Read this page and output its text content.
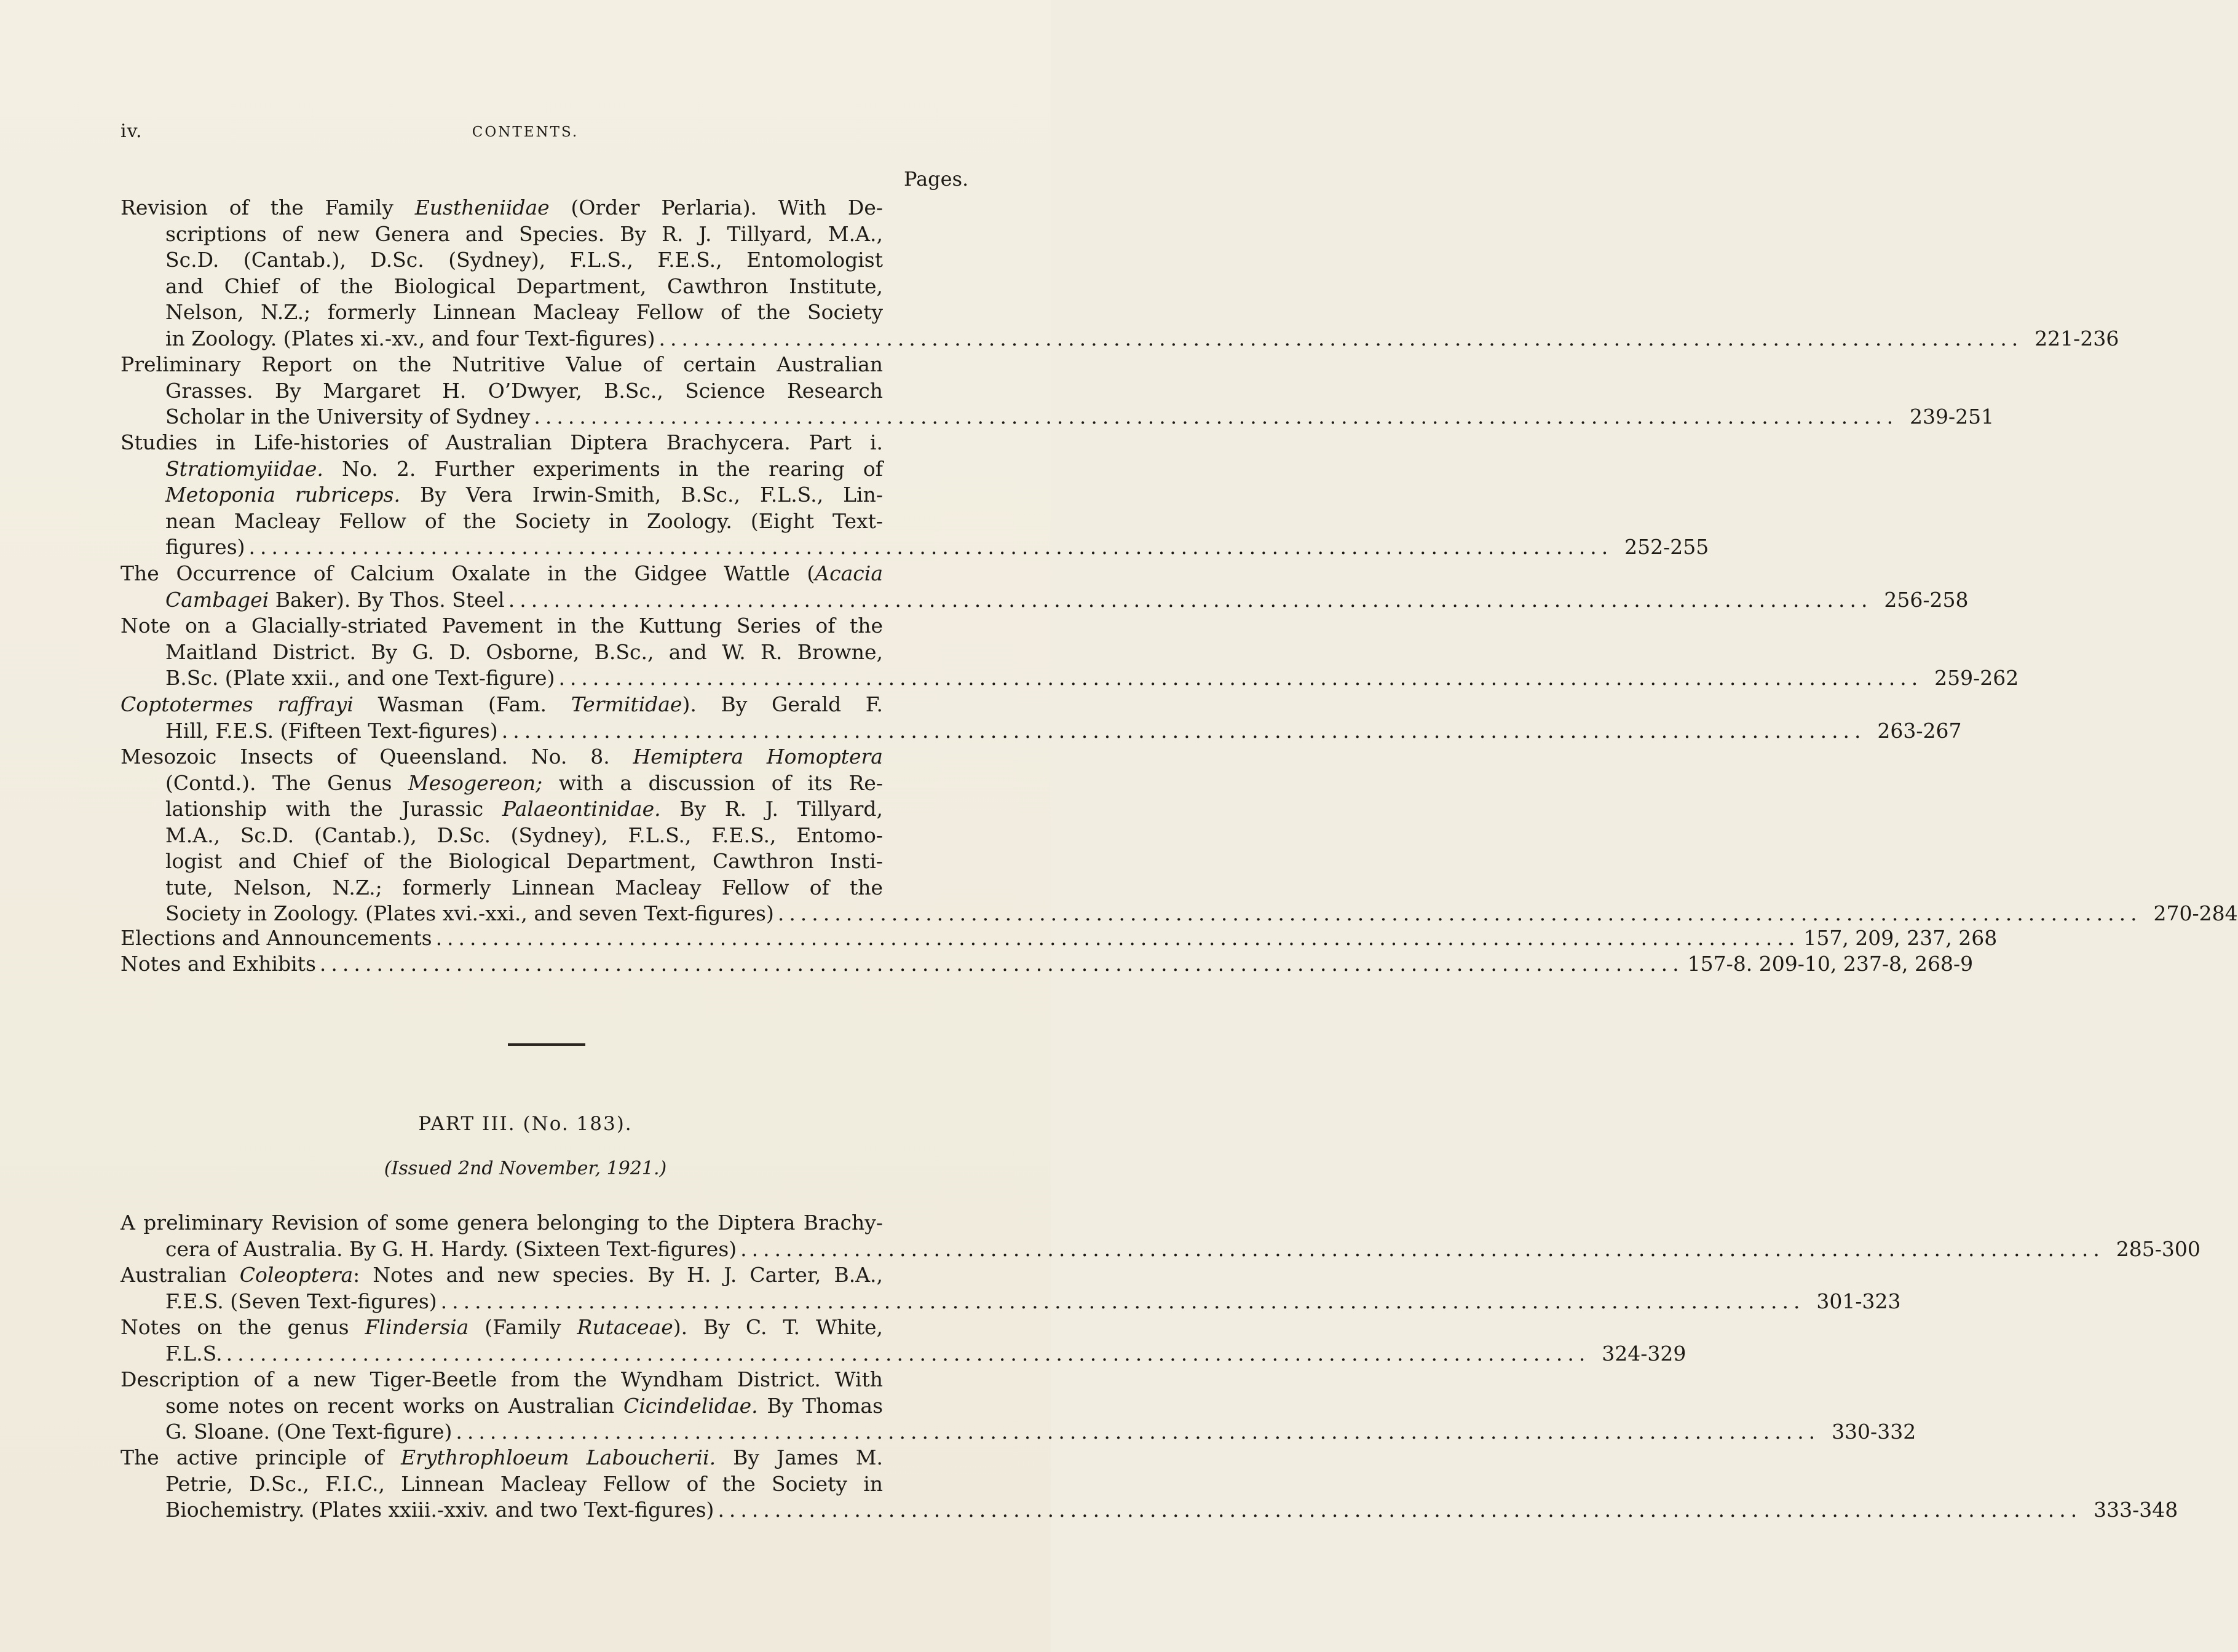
iv.	CONTENTS.
Pages.
Revision of the Family Eustheniidae (Order Perlaria). With De-
scriptions of new Genera and Species. By R. J. Tillyard, M.A.,
Sc.D. (Cantab.), D.Sc. (Sydney), F.L.S., F.E.S., Entomologist
and Chief of the Biological Department, Cawthron Institute,
Nelson, N.Z.; formerly Linnean Macleay Fellow of the Society
in Zoology. (Plates xi.-xv., and four Text-figures) ........................................................................................................................ 221-236
Preliminary Report on the Nutritive Value of certain Australian
Grasses. By Margaret H. O’Dwyer, B.Sc., Science Research
Scholar in the University of Sydney ........................................................................................................................ 239-251
Studies in Life-histories of Australian Diptera Brachycera. Part i.
Stratiomyiidae. No. 2. Further experiments in the rearing of
Metoponia rubriceps. By Vera Irwin-Smith, B.Sc., F.L.S., Lin-
nean Macleay Fellow of the Society in Zoology. (Eight Text-
figures) ........................................................................................................................ 252-255
The Occurrence of Calcium Oxalate in the Gidgee Wattle (Acacia
Cambagei Baker). By Thos. Steel ........................................................................................................................ 256-258
Note on a Glacially-striated Pavement in the Kuttung Series of the
Maitland District. By G. D. Osborne, B.Sc., and W. R. Browne,
B.Sc. (Plate xxii., and one Text-figure) ........................................................................................................................ 259-262
Coptotermes raffrayi Wasman (Fam. Termitidae). By Gerald F.
Hill, F.E.S. (Fifteen Text-figures) ........................................................................................................................ 263-267
Mesozoic Insects of Queensland. No. 8. Hemiptera Homoptera
(Contd.). The Genus Mesogereon; with a discussion of its Re-
lationship with the Jurassic Palaeontinidae. By R. J. Tillyard,
M.A., Sc.D. (Cantab.), D.Sc. (Sydney), F.L.S., F.E.S., Entomo-
logist and Chief of the Biological Department, Cawthron Insti-
tute, Nelson, N.Z.; formerly Linnean Macleay Fellow of the
Society in Zoology. (Plates xvi.-xxi., and seven Text-figures) ........................................................................................................................ 270-284
Elections and Announcements ........................................................................................................................ 157, 209, 237, 268
Notes and Exhibits ........................................................................................................................ 157-8. 209-10, 237-8, 268-9
PART III. (No. 183).
(Issued 2nd November, 1921.)
A preliminary Revision of some genera belonging to the Diptera Brachy-
cera of Australia. By G. H. Hardy. (Sixteen Text-figures) ........................................................................................................................ 285-300
Australian Coleoptera: Notes and new species. By H. J. Carter, B.A.,
F.E.S. (Seven Text-figures) ........................................................................................................................ 301-323
Notes on the genus Flindersia (Family Rutaceae). By C. T. White,
F.L.S. ........................................................................................................................ 324-329
Description of a new Tiger-Beetle from the Wyndham District. With
some notes on recent works on Australian Cicindelidae. By Thomas
G. Sloane. (One Text-figure) ........................................................................................................................ 330-332
The active principle of Erythrophloeum Laboucherii. By James M.
Petrie, D.Sc., F.I.C., Linnean Macleay Fellow of the Society in
Biochemistry. (Plates xxiii.-xxiv. and two Text-figures) ........................................................................................................................ 333-348
